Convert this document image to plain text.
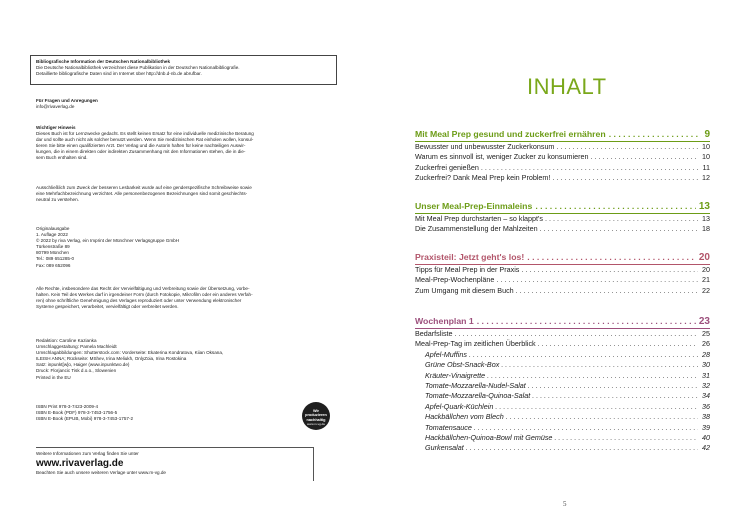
Bibliografische Information der Deutschen Nationalbibliothek
Die Deutsche Nationalbibliothek verzeichnet diese Publikation in der Deutschen Nationalbibliografie.
Detaillierte bibliografische Daten sind im Internet über http://dnb.d-nb.de abrufbar.
Für Fragen und Anregungen
info@rivaverlag.de
Wichtiger Hinweis
Dieses Buch ist für Lernzwecke gedacht. Es stellt keinen Ersatz für eine individuelle medizinische Beratung
dar und sollte auch nicht als solcher benutzt werden. Wenn Sie medizinischen Rat einholen wollen, konsul-
tieren Sie bitte einen qualifizierten Arzt. Der Verlag und die Autorin haften für keine nachteiligen Auswir-
kungen, die in einem direkten oder indirekten Zusammenhang mit den Informationen stehen, die in die-
sem Buch enthalten sind.
Ausschließlich zum Zweck der besseren Lesbarkeit wurde auf eine genderspezifische Schreibweise sowie
eine Mehrfachbezeichnung verzichtet. Alle personenbezogenen Bezeichnungen sind somit geschlechts-
neutral zu verstehen.
Originalausgabe
1. Auflage 2022
© 2022 by riva Verlag, ein Imprint der Münchner Verlagsgruppe GmbH
Türkenstraße 89
80799 München
Tel.: 089 651285-0
Fax: 089 652096
Alle Rechte, insbesondere das Recht der Vervielfältigung und Verbreitung sowie der Übersetzung, vorbe-
halten. Kein Teil des Werkes darf in irgendeiner Form (durch Fotokopie, Mikrofilm oder ein anderes Verfah-
ren) ohne schriftliche Genehmigung des Verlages reproduziert oder unter Verwendung elektronischer
Systeme gespeichert, verarbeitet, vervielfältigt oder verbreitet werden.
Redaktion: Caroline Kazianka
Umschlaggestaltung: Pamela Machleidt
Umschlagabbildungen: Shutterstock.com: Vorderseite: Ekaterina Kondratova, Kiian Oksana,
ILEISH ANNA; Rückseite: MShev, Irina Meliukh, OnlyZoia, Irina Rostokina
Satz: inpunkt[w]o, Haiger (www.inpunktwo.de)
Druck: Florjancic Tisk d.o.o., Slowenien
Printed in the EU
ISBN Print 978-3-7423-2009-4
ISBN E-Book (PDF) 978-3-7453-1756-5
ISBN E-Book (EPUB, Mobi) 978-3-7453-1757-2
Wir produzieren
nachhaltig
www.m-vg.de
Weitere Informationen zum Verlag finden Sie unter
www.rivaverlag.de
Beachten Sie auch unsere weiteren Verlage unter www.m-vg.de
INHALT
Mit Meal Prep gesund und zuckerfrei ernähren . . .	9
Bewusster und unbewusster Zuckerkonsum . . .	10
Warum es sinnvoll ist, weniger Zucker zu konsumieren . . .	10
Zuckerfrei genießen . . .	11
Zuckerfrei? Dank Meal Prep kein Problem! . . .	12
Unser Meal-Prep-Einmaleins . . .	13
Mit Meal Prep durchstarten – so klappt's . . .	13
Die Zusammenstellung der Mahlzeiten . . .	18
Praxisteil: Jetzt geht's los! . . .	20
Tipps für Meal Prep in der Praxis . . .	20
Meal-Prep-Wochenpläne . . .	21
Zum Umgang mit diesem Buch . . .	22
Wochenplan 1 . . .	23
Bedarfsliste . . .	25
Meal-Prep-Tag im zeitlichen Überblick . . .	26
Apfel-Muffins . . .	28
Grüne Obst-Snack-Box . . .	30
Kräuter-Vinaigrette . . .	31
Tomate-Mozzarella-Nudel-Salat . . .	32
Tomate-Mozzarella-Quinoa-Salat . . .	34
Apfel-Quark-Küchlein . . .	36
Hackbällchen vom Blech . . .	38
Tomatensauce . . .	39
Hackbällchen-Quinoa-Bowl mit Gemüse . . .	40
Gurkensalat . . .	42
5
